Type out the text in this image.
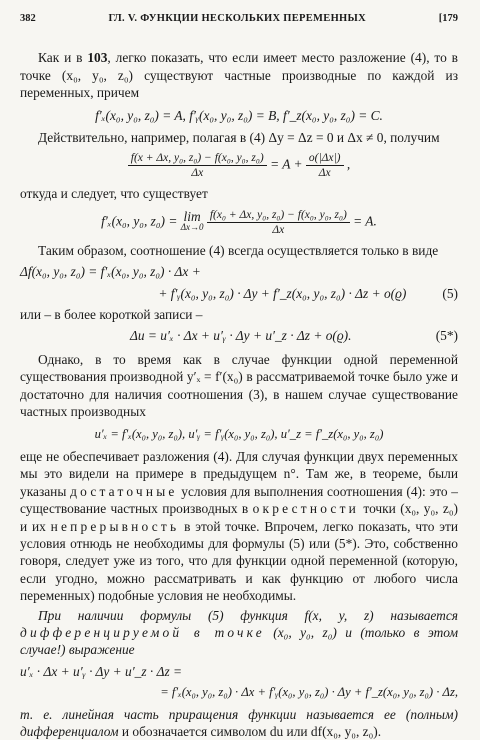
382	ГЛ. V. ФУНКЦИИ НЕСКОЛЬКИХ ПЕРЕМЕННЫХ	[179

Как и в 103, легко показать, что если имеет место разложение (4), то в точке (x₀, y₀, z₀) существуют частные производные по каждой из переменных, причем

f′ₓ(x₀, y₀, z₀) = A, f′ᵧ(x₀, y₀, z₀) = B, f′_z(x₀, y₀, z₀) = C.

Действительно, например, полагая в (4) Δy = Δz = 0 и Δx ≠ 0, получим

$\frac{\text{f(x + Δx, y₀, z₀) − f(x₀, y₀, z₀)}}{\Delta x} = A + \frac{o(|\Delta x|)}{\Delta x}$ ,

откуда и следует, что существует

f′ₓ(x₀, y₀, z₀) = lim
Δx→0
$\frac{\text{f(x₀ + Δx, y₀, z₀) − f(x₀, y₀, z₀)}}{\Delta x} = A$.

Таким образом, соотношение (4) всегда осуществляется только в виде

Δf(x₀, y₀, z₀) = f′ₓ(x₀, y₀, z₀) · Δx +
+ f′ᵧ(x₀, y₀, z₀) · Δy + f′_z(x₀, y₀, z₀) · Δz + o(ϱ)	(5)

или – в более короткой записи –

Δu = u′ₓ · Δx + u′ᵧ · Δy + u′_z · Δz + o(ϱ).	(5*)

Однако, в то время как в случае функции одной переменной существования производной y′ₓ = f′(x₀) в рассматриваемой точке было уже и достаточно для наличия соотношения (3), в нашем случае существование частных производных

u′ₓ = f′ₓ(x₀, y₀, z₀), u′ᵧ = f′ᵧ(x₀, y₀, z₀), u′_z = f′_z(x₀, y₀, z₀)

еще не обеспечивает разложения (4). Для случая функции двух переменных мы это видели на примере в предыдущем n°. Там же, в теореме, были указаны достаточные условия для выполнения соотношения (4): это – существование частных производных в окрестности точки (x₀, y₀, z₀) и их непрерывность в этой точке. Впрочем, легко показать, что эти условия отнюдь не необходимы для формулы (5) или (5*). Это, собственно говоря, следует уже из того, что для функции одной переменной (которую, если угодно, можно рассматривать и как функцию от любого числа переменных) подобные условия не необходимы.

При наличии формулы (5) функция f(x, y, z) называется дифференцируемой в точке (x₀, y₀, z₀) и (только в этом случае!) выражение

u′ₓ · Δx + u′ᵧ · Δy + u′_z · Δz =
= f′ₓ(x₀, y₀, z₀) · Δx + f′ᵧ(x₀, y₀, z₀) · Δy + f′_z(x₀, y₀, z₀) · Δz,

т. е. линейная часть приращения функции называется ее (полным) дифференциалом и обозначается символом du или df(x₀, y₀, z₀).
